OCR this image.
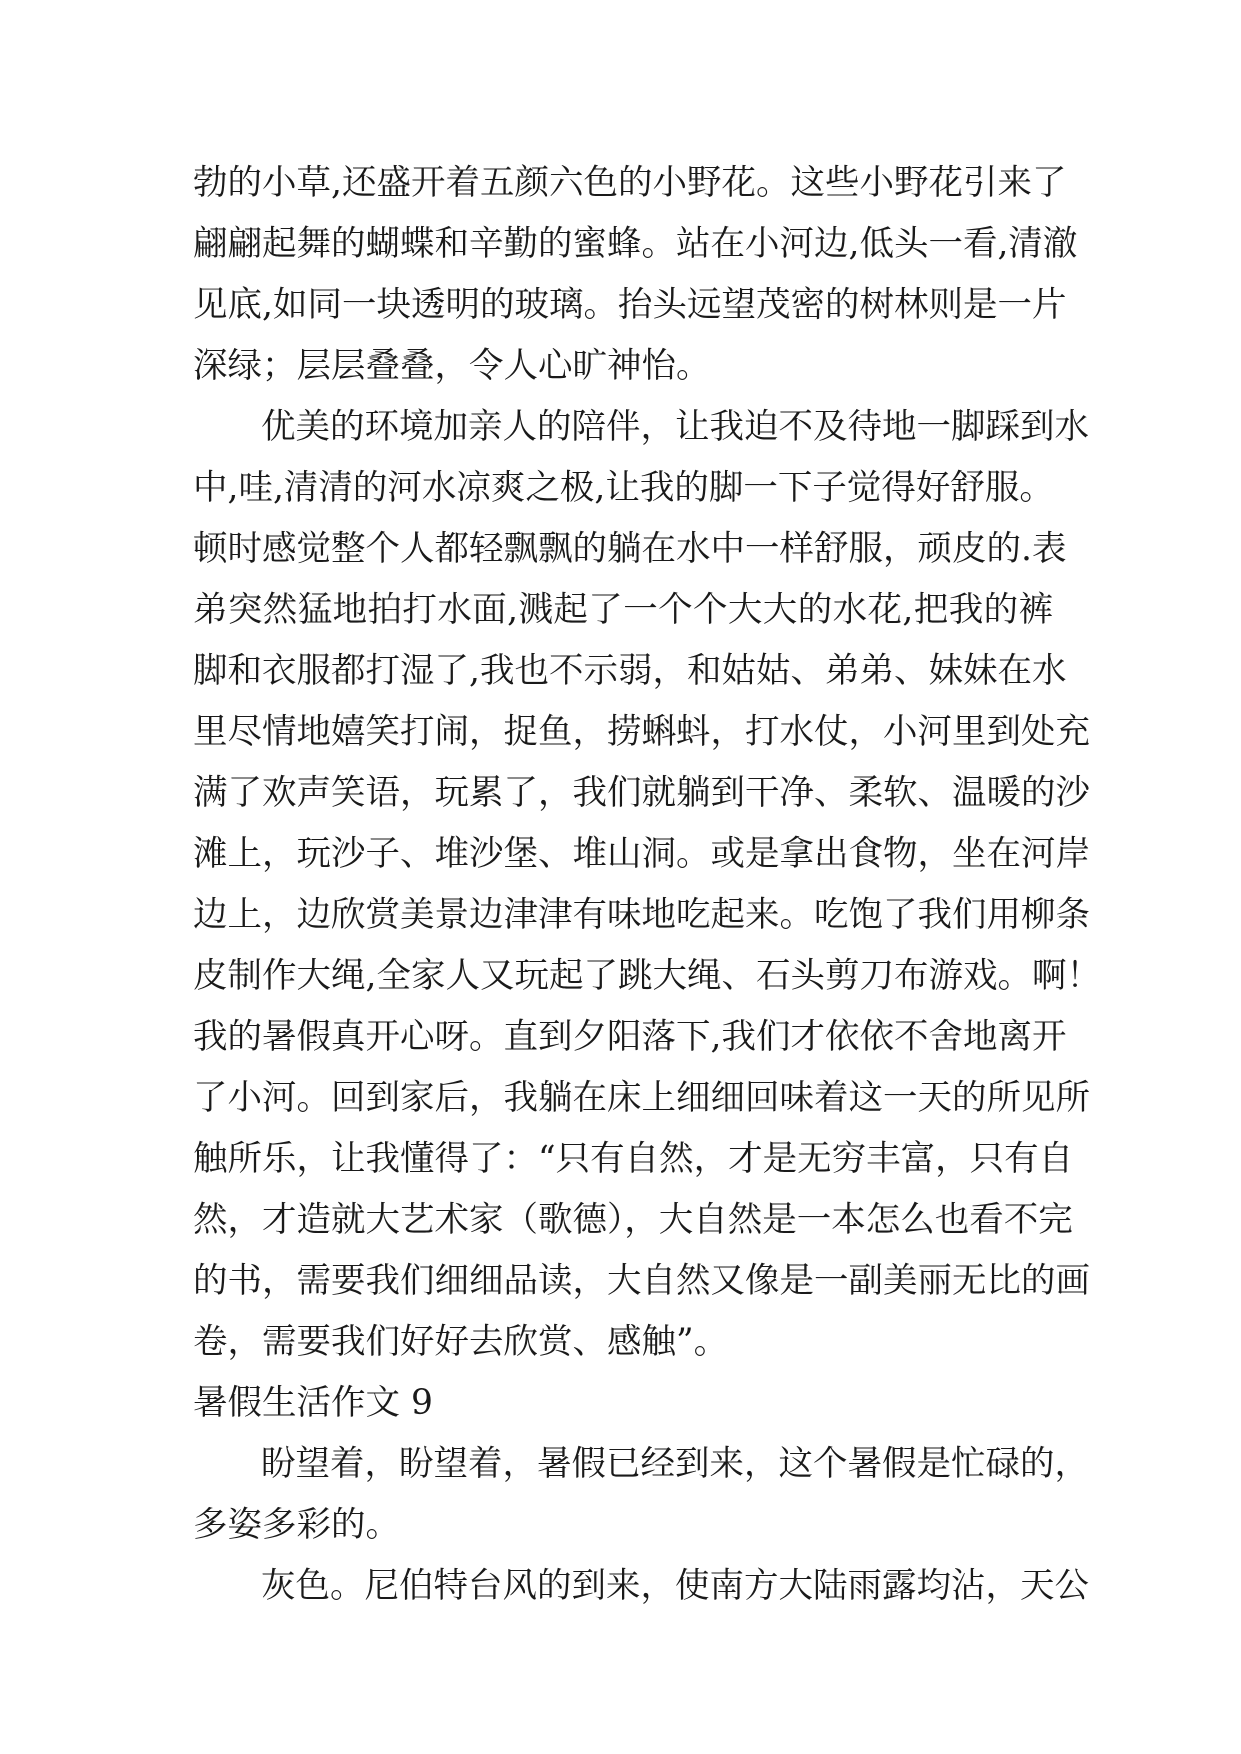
勃的小草,还盛开着五颜六色的小野花。这些小野花引来了
翩翩起舞的蝴蝶和辛勤的蜜蜂。站在小河边,低头一看,清澈
见底,如同一块透明的玻璃。抬头远望茂密的树林则是一片
深绿；层层叠叠，令人心旷神怡。
优美的环境加亲人的陪伴，让我迫不及待地一脚踩到水
中,哇,清清的河水凉爽之极,让我的脚一下子觉得好舒服。
顿时感觉整个人都轻飘飘的躺在水中一样舒服，顽皮的.表
弟突然猛地拍打水面,溅起了一个个大大的水花,把我的裤
脚和衣服都打湿了,我也不示弱，和姑姑、弟弟、妹妹在水
里尽情地嬉笑打闹，捉鱼，捞蝌蚪，打水仗，小河里到处充
满了欢声笑语，玩累了，我们就躺到干净、柔软、温暖的沙
滩上，玩沙子、堆沙堡、堆山洞。或是拿出食物，坐在河岸
边上，边欣赏美景边津津有味地吃起来。吃饱了我们用柳条
皮制作大绳,全家人又玩起了跳大绳、石头剪刀布游戏。啊！
我的暑假真开心呀。直到夕阳落下,我们才依依不舍地离开
了小河。回到家后，我躺在床上细细回味着这一天的所见所
触所乐，让我懂得了：“只有自然，才是无穷丰富，只有自
然，才造就大艺术家（歌德），大自然是一本怎么也看不完
的书，需要我们细细品读，大自然又像是一副美丽无比的画
卷，需要我们好好去欣赏、感触”。
暑假生活作文 9
盼望着，盼望着，暑假已经到来，这个暑假是忙碌的，
多姿多彩的。
灰色。尼伯特台风的到来，使南方大陆雨露均沾，天公
